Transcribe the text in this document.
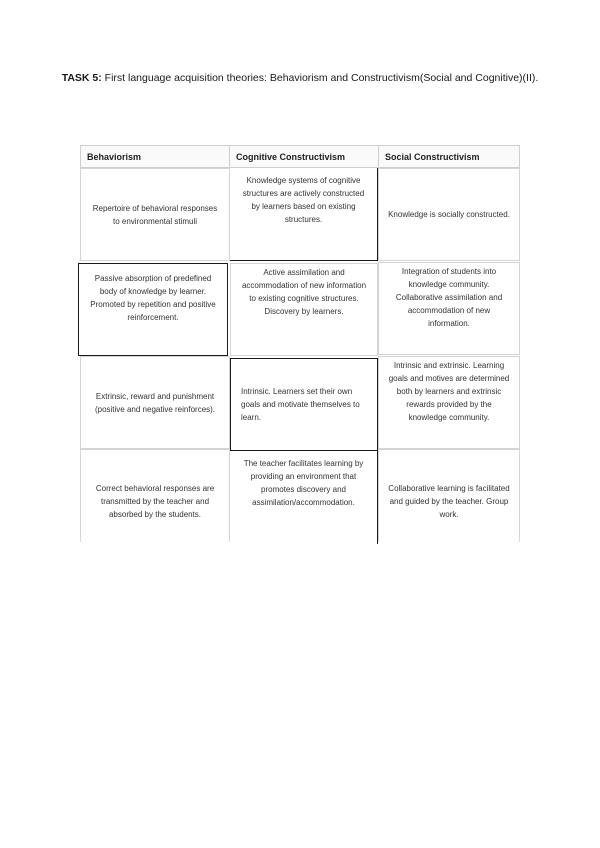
TASK 5: First language acquisition theories: Behaviorism and Constructivism(Social and Cognitive)(II).
Behaviorism	Cognitive Constructivism	Social Constructivism
Repertoire of behavioral responses to environmental stimuli
Knowledge systems of cognitive structures are actively constructed by learners based on existing structures.
Knowledge is socially constructed.
Passive absorption of predefined body of knowledge by learner. Promoted by repetition and positive reinforcement.
Active assimilation and accommodation of new information to existing cognitive structures. Discovery by learners.
Integration of students into knowledge community. Collaborative assimilation and accommodation of new information.
Extrinsic, reward and punishment (positive and negative reinforces).
Intrinsic. Learners set their own goals and motivate themselves to learn.
Intrinsic and extrinsic. Learning goals and motives are determined both by learners and extrinsic rewards provided by the knowledge community.
Correct behavioral responses are transmitted by the teacher and absorbed by the students.
The teacher facilitates learning by providing an environment that promotes discovery and assimilation/accommodation.
Collaborative learning is facilitated and guided by the teacher. Group work.
